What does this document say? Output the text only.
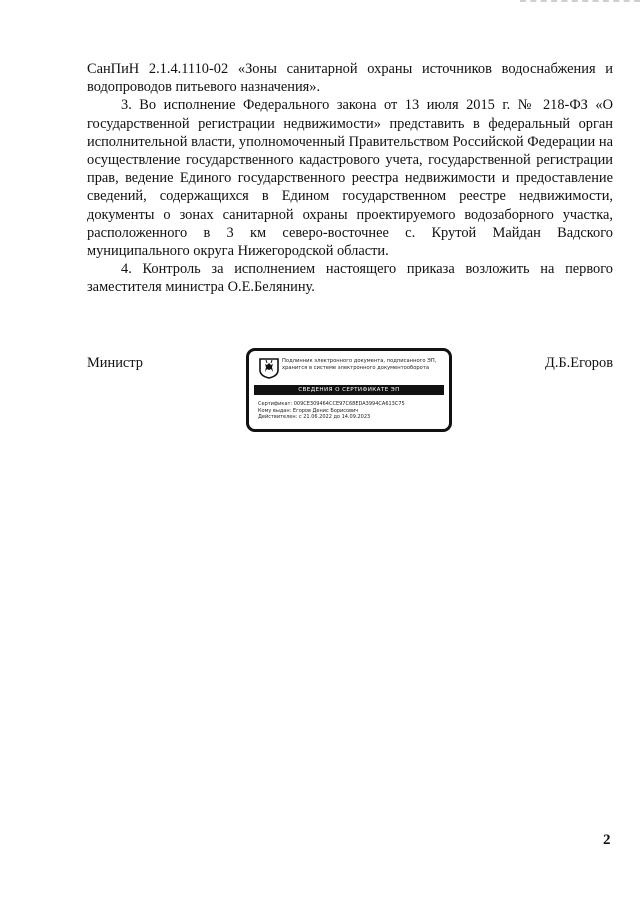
СанПиН 2.1.4.1110-02 «Зоны санитарной охраны источников водоснабжения и водопроводов питьевого назначения».

3. Во исполнение Федерального закона от 13 июля 2015 г. № 218-ФЗ «О государственной регистрации недвижимости» представить в федеральный орган исполнительной власти, уполномоченный Правительством Российской Федерации на осуществление государственного кадастрового учета, государственной регистрации прав, ведение Единого государственного реестра недвижимости и предоставление сведений, содержащихся в Едином государственном реестре недвижимости, документы о зонах санитарной охраны проектируемого водозаборного участка, расположенного в 3 км северо-восточнее с. Крутой Майдан Вадского муниципального округа Нижегородской области.

4. Контроль за исполнением настоящего приказа возложить на первого заместителя министра О.Е.Белянину.

Министр	Подлинник электронного документа, подписанного ЭП, хранится в системе электронного документооборота
СВЕДЕНИЯ О СЕРТИФИКАТЕ ЭП
Сертификат: 009CE309464CCE97C68EDA3994CA613C75
Кому выдан: Егоров Денис Борисович
Действителен: с 21.06.2022 до 14.09.2023
Д.Б.Егоров
2
